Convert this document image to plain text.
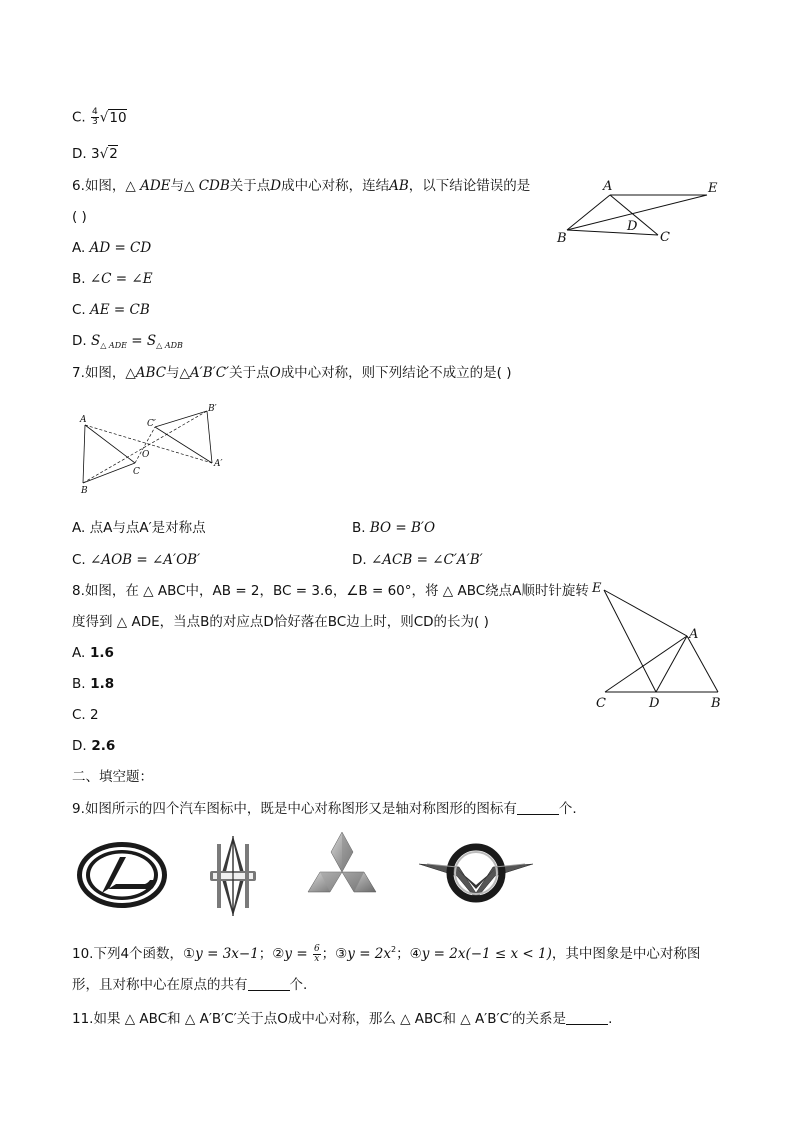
C. $\frac{4}{3} √10$
D. 3√2
6.如图，△ ADE与△ CDB关于点D成中心对称，连结AB，以下结论错误的是
( )
A. AD = CD
B. ∠C = ∠E
C. AE = CB
D. $S_{\triangle ADE} = S_{\triangle ADB}$
A	E
D
B	C
7.如图，△ABC与△A′B′C′关于点O成中心对称，则下列结论不成立的是( )
A
B
C
O
C′
B′
A′
A. 点A与点A′是对称点	B. BO = B′O
C. ∠AOB = ∠A′OB′	D. ∠ACB = ∠C′A′B′
8.如图，在 △ ABC中，AB = 2，BC = 3.6，∠B = 60°，将 △ ABC绕点A顺时针旋转
度得到 △ ADE，当点B的对应点D恰好落在BC边上时，则CD的长为( )
A. 1.6
B. 1.8
C. 2
D. 2.6
E
A
C	D	B
二、填空题：
9.如图所示的四个汽车图标中，既是中心对称图形又是轴对称图形的图标有	个.
10.下列4个函数，①y = 3x−1；②y = $\frac{6}{x}$ ；③y = $2x^2$；④y = 2x(−1 ≤ x < 1)，其中图象是中心对称图
形，且对称中心在原点的共有	个.
11.如果 △ ABC和 △ A′B′C′关于点O成中心对称，那么 △ ABC和 △ A′B′C′的关系是	.
